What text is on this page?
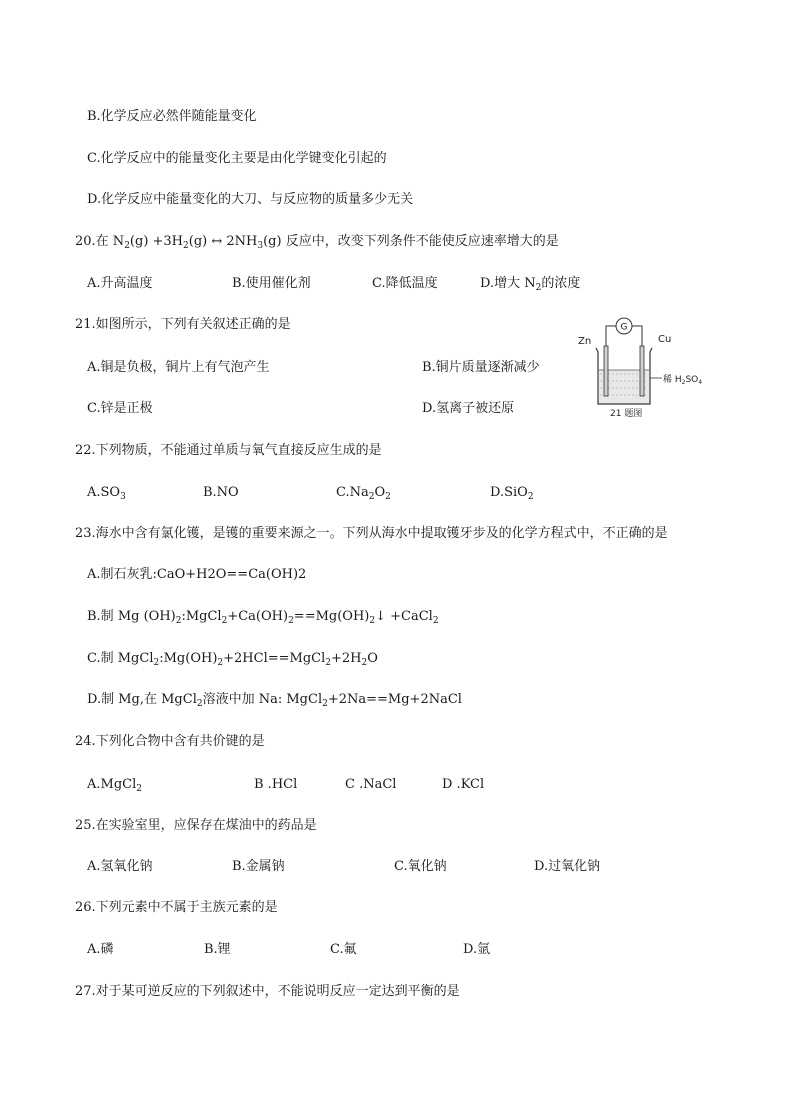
B.化学反应必然伴随能量变化
C.化学反应中的能量变化主要是由化学键变化引起的
D.化学反应中能量变化的大刀、与反应物的质量多少无关
20.在 $N_2(g) +3H_2(g)$ ↔ $2NH_3(g)$ 反应中，改变下列条件不能使反应速率增大的是
A.升高温度	B.使用催化剂	C.降低温度	D.增大 $N_2$的浓度
21.如图所示，下列有关叙述正确的是
A.铜是负极，铜片上有气泡产生	B.铜片质量逐渐减少
C.锌是正极	D.氢离子被还原
G
Zn	Cu
稀 $H_2SO_4$
21 题图
22.下列物质，不能通过单质与氧气直接反应生成的是
$A.SO_3$	B.NO	$C.Na_2O_2$	D.SiO$_2$
23.海水中含有氯化镬，是镬的重要来源之一。下列从海水中提取镬牙步及的化学方程式中，不正确的是
A.制石灰乳:CaO+H2O==Ca(OH)2
B.制 Mg $(OH)_2:MgCl_2+Ca(OH)_2==Mg(OH)_2↓$ +CaCl$_2$
C.制 $MgCl_2:Mg(OH)_2+2HCl==MgCl_2+2H_2O$
D.制 Mg,在 MgCl$_2$溶液中加 Na: MgCl$_2$+2Na==Mg+2NaCl
24.下列化合物中含有共价键的是
A.MgCl$_2$	B .HCl	C .NaCl	D .KCl
25.在实验室里，应保存在煤油中的药品是
A.氢氧化钠	B.金属钠	C.氧化钠	D.过氧化钠
26.下列元素中不属于主族元素的是
A.磷	B.锂	C.氟	D.氩
27.对于某可逆反应的下列叙述中，不能说明反应一定达到平衡的是
